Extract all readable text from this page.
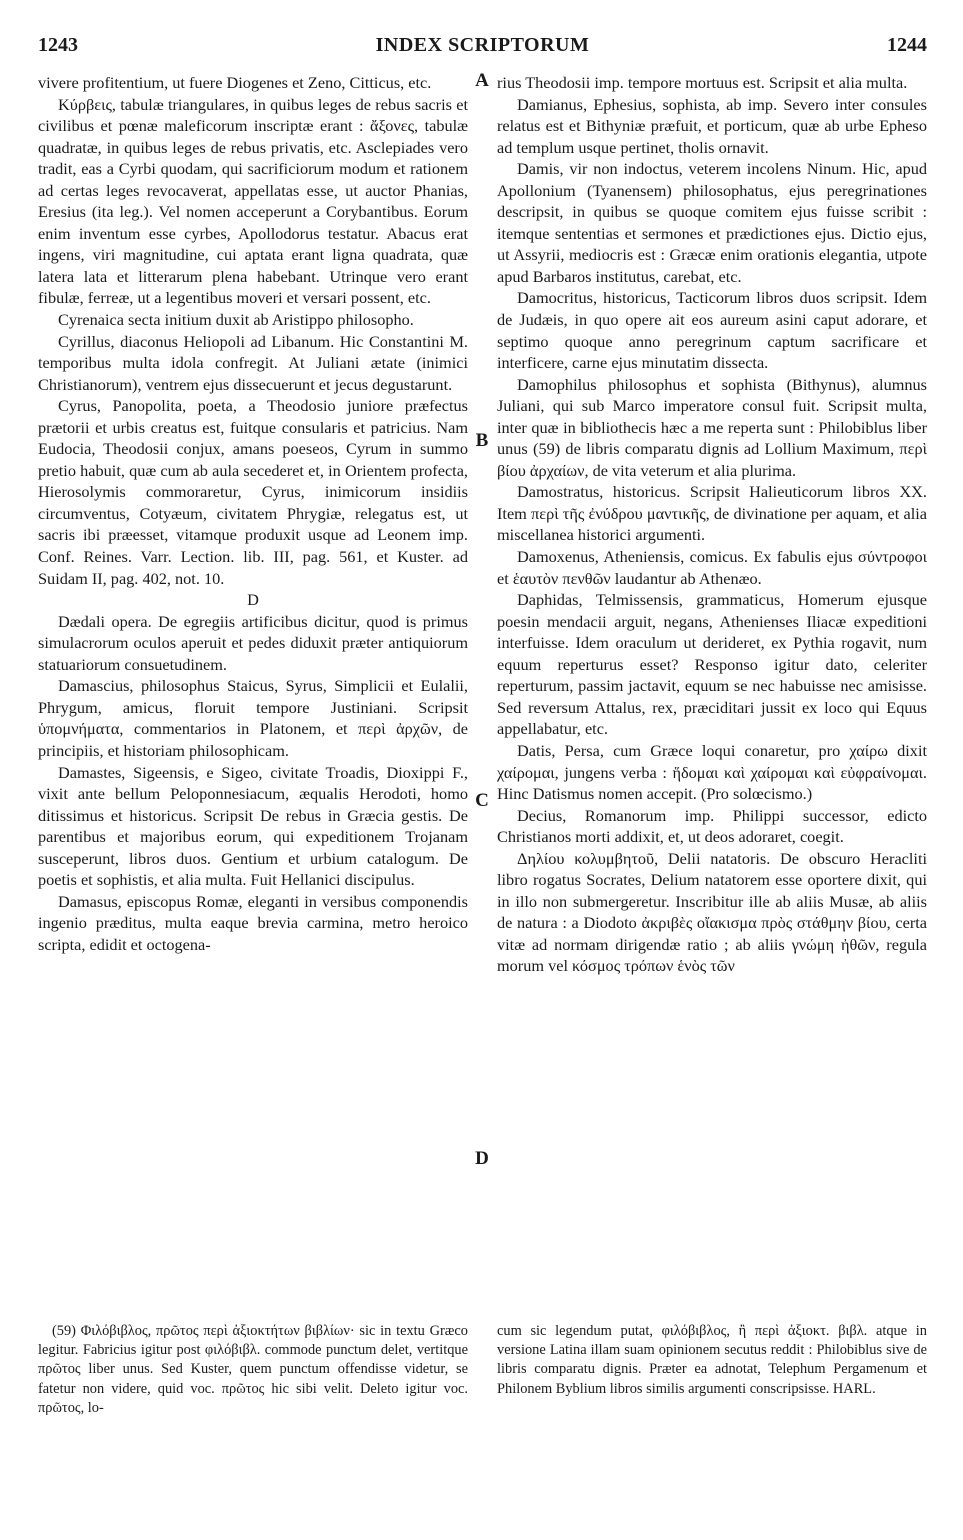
1243	INDEX SCRIPTORUM	1244

vivere profitentium, ut fuere Diogenes et Zeno, Citticus, etc.

Κύρβεις, tabulæ triangulares, in quibus leges de rebus sacris et civilibus et pœnæ maleficorum inscriptæ erant : ἄξονες, tabulæ quadratæ, in quibus leges de rebus privatis, etc. Asclepiades vero tradit, eas a Cyrbi quodam, qui sacrificiorum modum et rationem ad certas leges revocaverat, appellatas esse, ut auctor Phanias, Eresius (ita leg.). Vel nomen acceperunt a Corybantibus. Eorum enim inventum esse cyrbes, Apollodorus testatur. Abacus erat ingens, viri magnitudine, cui aptata erant ligna quadrata, quæ latera lata et litterarum plena habebant. Utrinque vero erant fibulæ, ferreæ, ut a legentibus moveri et versari possent, etc.

Cyrenaica secta initium duxit ab Aristippo philosopho.

Cyrillus, diaconus Heliopoli ad Libanum. Hic Constantini M. temporibus multa idola confregit. At Juliani ætate (inimici Christianorum), ventrem ejus dissecuerunt et jecus degustarunt.

Cyrus, Panopolita, poeta, a Theodosio juniore præfectus prætorii et urbis creatus est, fuitque consularis et patricius. Nam Eudocia, Theodosii conjux, amans poeseos, Cyrum in summo pretio habuit, quæ cum ab aula secederet et, in Orientem profecta, Hierosolymis commoraretur, Cyrus, inimicorum insidiis circumventus, Cotyæum, civitatem Phrygiæ, relegatus est, ut sacris ibi præesset, vitamque produxit usque ad Leonem imp. Conf. Reines. Varr. Lection. lib. III, pag. 561, et Kuster. ad Suidam II, pag. 402, not. 10.

D

Dædali opera. De egregiis artificibus dicitur, quod is primus simulacrorum oculos aperuit et pedes diduxit præter antiquiorum statuariorum consuetudinem.

Damascius, philosophus Staicus, Syrus, Simplicii et Eulalii, Phrygum, amicus, floruit tempore Justiniani. Scripsit ὑπομνήματα, commentarios in Platonem, et περὶ ἀρχῶν, de principiis, et historiam philosophicam.

Damastes, Sigeensis, e Sigeo, civitate Troadis, Dioxippi F., vixit ante bellum Peloponnesiacum, æqualis Herodoti, homo ditissimus et historicus. Scripsit De rebus in Græcia gestis. De parentibus et majoribus eorum, qui expeditionem Trojanam susceperunt, libros duos. Gentium et urbium catalogum. De poetis et sophistis, et alia multa. Fuit Hellanici discipulus.

Damasus, episcopus Romæ, eleganti in versibus componendis ingenio præditus, multa eaque brevia carmina, metro heroico scripta, edidit et octogena-

rius Theodosii imp. tempore mortuus est. Scripsit et alia multa.

Damianus, Ephesius, sophista, ab imp. Severo inter consules relatus est et Bithyniæ præfuit, et porticum, quæ ab urbe Epheso ad templum usque pertinet, tholis ornavit.

Damis, vir non indoctus, veterem incolens Ninum. Hic, apud Apollonium (Tyanensem) philosophatus, ejus peregrinationes descripsit, in quibus se quoque comitem ejus fuisse scribit : itemque sententias et sermones et prædictiones ejus. Dictio ejus, ut Assyrii, mediocris est : Græcæ enim orationis elegantia, utpote apud Barbaros institutus, carebat, etc.

Damocritus, historicus, Tacticorum libros duos scripsit. Idem de Judæis, in quo opere ait eos aureum asini caput adorare, et septimo quoque anno peregrinum captum sacrificare et interficere, carne ejus minutatim dissecta.

Damophilus philosophus et sophista (Bithynus), alumnus Juliani, qui sub Marco imperatore consul fuit. Scripsit multa, inter quæ in bibliothecis hæc a me reperta sunt : Philobiblus liber unus (59) de libris comparatu dignis ad Lollium Maximum, περὶ βίου ἀρχαίων, de vita veterum et alia plurima.

Damostratus, historicus. Scripsit Halieuticorum libros XX. Item περὶ τῆς ἐνύδρου μαντικῆς, de divinatione per aquam, et alia miscellanea historici argumenti.

Damoxenus, Atheniensis, comicus. Ex fabulis ejus σύντροφοι et ἑαυτὸν πενθῶν laudantur ab Athenæo.

Daphidas, Telmissensis, grammaticus, Homerum ejusque poesin mendacii arguit, negans, Athenienses Iliacæ expeditioni interfuisse. Idem oraculum ut derideret, ex Pythia rogavit, num equum reperturus esset? Responso igitur dato, celeriter reperturum, passim jactavit, equum se nec habuisse nec amisisse. Sed reversum Attalus, rex, præciditari jussit ex loco qui Equus appellabatur, etc.

Datis, Persa, cum Græce loqui conaretur, pro χαίρω dixit χαίρομαι, jungens verba : ἥδομαι καὶ χαίρομαι καὶ εὐφραίνομαι. Hinc Datismus nomen accepit. (Pro solœcismo.)

Decius, Romanorum imp. Philippi successor, edicto Christianos morti addixit, et, ut deos adoraret, coegit.

Δηλίου κολυμβητοῦ, Delii natatoris. De obscuro Heracliti libro rogatus Socrates, Delium natatorem esse oportere dixit, qui in illo non submergeretur. Inscribitur ille ab aliis Musæ, ab aliis de natura : a Diodoto ἀκριβὲς οἴακισμα πρὸς στάθμην βίου, certa vitæ ad normam dirigendæ ratio ; ab aliis γνώμη ἠθῶν, regula morum vel κόσμος τρόπων ἑνὸς τῶν

A
B
C
D

(59) Φιλόβιβλος, πρῶτος περὶ ἀξιοκτήτων βιβλίων· sic in textu Græco legitur. Fabricius igitur post φιλόβιβλ. commode punctum delet, vertitque πρῶτος liber unus. Sed Kuster, quem punctum offendisse videtur, se fatetur non videre, quid voc. πρῶτος hic sibi velit. Deleto igitur voc. πρῶτος, lo-

cum sic legendum putat, φιλόβιβλος, ἢ περὶ ἀξιοκτ. βιβλ. atque in versione Latina illam suam opinionem secutus reddit : Philobiblus sive de libris comparatu dignis. Præter ea adnotat, Telephum Pergamenum et Philonem Byblium libros similis argumenti conscripsisse. HARL.
